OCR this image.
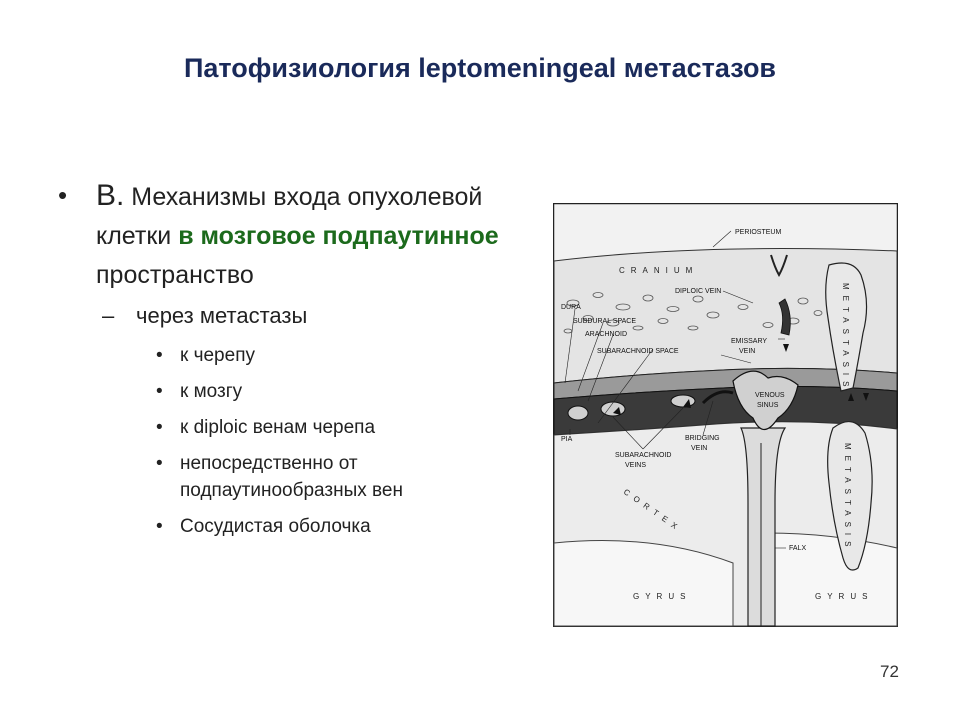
Патофизиология leptomeningeal метастазов
• B. Механизмы входа опухолевой клетки в мозговое подпаутинное пространство
– через метастазы
• к черепу
• к мозгу
• к diploic венам черепа
• непосредственно от подпаутинообразных вен
• Сосудистая оболочка
PERIOSTEUM
CRANIUM
DIPLOIC VEIN
DURA
SUBDURAL SPACE
ARACHNOID
SUBARACHNOID SPACE
EMISSARY
VEIN
VENOUS
SINUS
METASTASIS
METASTASIS
PIA
SUBARACHNOID
VEINS
BRIDGING
VEIN
CORTEX
FALX
GYRUS	GYRUS
72
